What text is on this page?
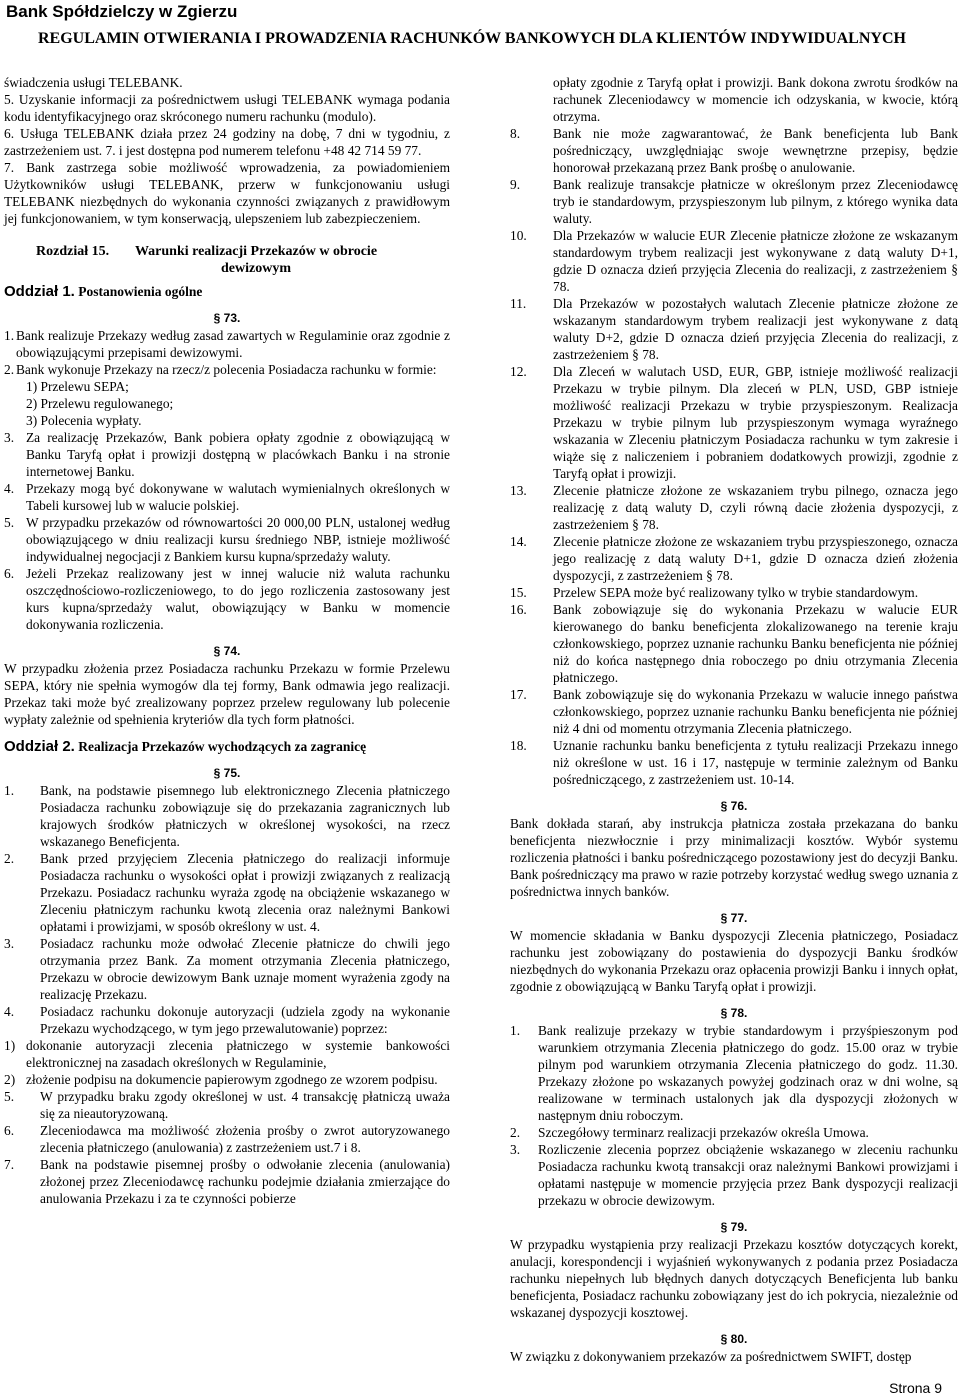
Bank Spółdzielczy w Zgierzu
REGULAMIN OTWIERANIA I PROWADZENIA RACHUNKÓW BANKOWYCH DLA KLIENTÓW INDYWIDUALNYCH

świadczenia usługi TELEBANK.

5. Uzyskanie informacji za pośrednictwem usługi TELEBANK wymaga podania kodu identyfikacyjnego oraz skróconego numeru rachunku (modulo).

6. Usługa TELEBANK działa przez 24 godziny na dobę, 7 dni w tygodniu, z zastrzeżeniem ust. 7. i jest dostępna pod numerem telefonu +48 42 714 59 77.

7. Bank zastrzega sobie możliwość wprowadzenia, za powiadomieniem Użytkowników usługi TELEBANK, przerw w funkcjonowaniu usługi TELEBANK niezbędnych do wykonania czynności związanych z prawidłowym jej funkcjonowaniem, w tym konserwacją, ulepszeniem lub zabezpieczeniem.

Rozdział 15.	Warunki realizacji Przekazów w obrocie dewizowym
Oddział 1. Postanowienia ogólne
§ 73.
1. Bank realizuje Przekazy według zasad zawartych w Regulaminie oraz zgodnie z obowiązującymi przepisami dewizowymi.
2. Bank wykonuje Przekazy na rzecz/z polecenia Posiadacza rachunku w formie:
1) Przelewu SEPA;
2) Przelewu regulowanego;
3) Polecenia wypłaty.
3. Za realizację Przekazów, Bank pobiera opłaty zgodnie z obowiązującą w Banku Taryfą opłat i prowizji dostępną w placówkach Banku i na stronie internetowej Banku.
4. Przekazy mogą być dokonywane w walutach wymienialnych określonych w Tabeli kursowej lub w walucie polskiej.
5. W przypadku przekazów od równowartości 20 000,00 PLN, ustalonej według obowiązującego w dniu realizacji kursu średniego NBP, istnieje możliwość indywidualnej negocjacji z Bankiem kursu kupna/sprzedaży waluty.
6. Jeżeli Przekaz realizowany jest w innej walucie niż waluta rachunku oszczędnościowo-rozliczeniowego, to do jego rozliczenia zastosowany jest kurs kupna/sprzedaży walut, obowiązujący w Banku w momencie dokonywania rozliczenia.
§ 74.

W przypadku złożenia przez Posiadacza rachunku Przekazu w formie Przelewu SEPA, który nie spełnia wymogów dla tej formy, Bank odmawia jego realizacji. Przekaz taki może być zrealizowany poprzez przelew regulowany lub polecenie wypłaty zależnie od spełnienia kryteriów dla tych form płatności.

Oddział 2. Realizacja Przekazów wychodzących za zagranicę
§ 75.
1.	Bank, na podstawie pisemnego lub elektronicznego Zlecenia płatniczego Posiadacza rachunku zobowiązuje się do przekazania zagranicznych lub krajowych środków płatniczych w określonej wysokości, na rzecz wskazanego Beneficjenta.
2.	Bank przed przyjęciem Zlecenia płatniczego do realizacji informuje Posiadacza rachunku o wysokości opłat i prowizji związanych z realizacją Przekazu. Posiadacz rachunku wyraża zgodę na obciążenie wskazanego w Zleceniu płatniczym rachunku kwotą zlecenia oraz należnymi Bankowi opłatami i prowizjami, w sposób określony w ust. 4.
3.	Posiadacz rachunku może odwołać Zlecenie płatnicze do chwili jego otrzymania przez Bank. Za moment otrzymania Zlecenia płatniczego, Przekazu w obrocie dewizowym Bank uznaje moment wyrażenia zgody na realizację Przekazu.
4.	Posiadacz rachunku dokonuje autoryzacji (udziela zgody na wykonanie Przekazu wychodzącego, w tym jego przewalutowanie) poprzez:
1) dokonanie autoryzacji zlecenia płatniczego w systemie bankowości elektronicznej na zasadach określonych w Regulaminie,
2) złożenie podpisu na dokumencie papierowym zgodnego ze wzorem podpisu.
5.	W przypadku braku zgody określonej w ust. 4 transakcję płatniczą uważa się za nieautoryzowaną.
6.	Zleceniodawca ma możliwość złożenia prośby o zwrot autoryzowanego zlecenia płatniczego (anulowania) z zastrzeżeniem ust.7 i 8.
7.	Bank na podstawie pisemnej prośby o odwołanie zlecenia (anulowania) złożonej przez Zleceniodawcę rachunku podejmie działania zmierzające do anulowania Przekazu i za te czynności pobierze

opłaty zgodnie z Taryfą opłat i prowizji. Bank dokona zwrotu środków na rachunek Zleceniodawcy w momencie ich odzyskania, w kwocie, którą otrzyma.

8.	Bank nie może zagwarantować, że Bank beneficjenta lub Bank pośredniczący, uwzględniając swoje wewnętrzne przepisy, będzie honorował przekazaną przez Bank prośbę o anulowanie.
9.	Bank realizuje transakcje płatnicze w określonym przez Zleceniodawcę tryb ie standardowym, przyspieszonym lub pilnym, z którego wynika data waluty.
10.	Dla Przekazów w walucie EUR Zlecenie płatnicze złożone ze wskazanym standardowym trybem realizacji jest wykonywane z datą waluty D+1, gdzie D oznacza dzień przyjęcia Zlecenia do realizacji, z zastrzeżeniem § 78.
11.	Dla Przekazów w pozostałych walutach Zlecenie płatnicze złożone ze wskazanym standardowym trybem realizacji jest wykonywane z datą waluty D+2, gdzie D oznacza dzień przyjęcia Zlecenia do realizacji, z zastrzeżeniem § 78.
12.	Dla Zleceń w walutach USD, EUR, GBP, istnieje możliwość realizacji Przekazu w trybie pilnym. Dla zleceń w PLN, USD, GBP istnieje możliwość realizacji Przekazu w trybie przyspieszonym. Realizacja Przekazu w trybie pilnym lub przyspieszonym wymaga wyraźnego wskazania w Zleceniu płatniczym Posiadacza rachunku w tym zakresie i wiąże się z naliczeniem i pobraniem dodatkowych prowizji, zgodnie z Taryfą opłat i prowizji.
13.	Zlecenie płatnicze złożone ze wskazaniem trybu pilnego, oznacza jego realizację z datą waluty D, czyli równą dacie złożenia dyspozycji, z zastrzeżeniem § 78.
14.	Zlecenie płatnicze złożone ze wskazaniem trybu przyspieszonego, oznacza jego realizację z datą waluty D+1, gdzie D oznacza dzień złożenia dyspozycji, z zastrzeżeniem § 78.
15.	Przelew SEPA może być realizowany tylko w trybie standardowym.
16.	Bank zobowiązuje się do wykonania Przekazu w walucie EUR kierowanego do banku beneficjenta zlokalizowanego na terenie kraju członkowskiego, poprzez uznanie rachunku Banku beneficjenta nie później niż do końca następnego dnia roboczego po dniu otrzymania Zlecenia płatniczego.
17.	Bank zobowiązuje się do wykonania Przekazu w walucie innego państwa członkowskiego, poprzez uznanie rachunku Banku beneficjenta nie później niż 4 dni od momentu otrzymania Zlecenia płatniczego.
18.	Uznanie rachunku banku beneficjenta z tytułu realizacji Przekazu innego niż określone w ust. 16 i 17, następuje w terminie zależnym od Banku pośredniczącego, z zastrzeżeniem ust. 10-14.
§ 76.

Bank dokłada starań, aby instrukcja płatnicza została przekazana do banku beneficjenta niezwłocznie i przy minimalizacji kosztów. Wybór systemu rozliczenia płatności i banku pośredniczącego pozostawiony jest do decyzji Banku. Bank pośredniczący ma prawo w razie potrzeby korzystać według swego uznania z pośrednictwa innych banków.

§ 77.

W momencie składania w Banku dyspozycji Zlecenia płatniczego, Posiadacz rachunku jest zobowiązany do postawienia do dyspozycji Banku środków niezbędnych do wykonania Przekazu oraz opłacenia prowizji Banku i innych opłat, zgodnie z obowiązującą w Banku Taryfą opłat i prowizji.

§ 78.
1.	Bank realizuje przekazy w trybie standardowym i przyśpieszonym pod warunkiem otrzymania Zlecenia płatniczego do godz. 15.00 oraz w trybie pilnym pod warunkiem otrzymania Zlecenia płatniczego do godz. 11.30. Przekazy złożone po wskazanych powyżej godzinach oraz w dni wolne, są realizowane w terminach ustalonych jak dla dyspozycji złożonych w następnym dniu roboczym.
2.	Szczegółowy terminarz realizacji przekazów określa Umowa.
3.	Rozliczenie zlecenia poprzez obciążenie wskazanego w zleceniu rachunku Posiadacza rachunku kwotą transakcji oraz należnymi Bankowi prowizjami i opłatami następuje w momencie przyjęcia przez Bank dyspozycji realizacji przekazu w obrocie dewizowym.
§ 79.

W przypadku wystąpienia przy realizacji Przekazu kosztów dotyczących korekt, anulacji, korespondencji i wyjaśnień wykonywanych z podania przez Posiadacza rachunku niepełnych lub błędnych danych dotyczących Beneficjenta lub banku beneficjenta, Posiadacz rachunku zobowiązany jest do ich pokrycia, niezależnie od wskazanej dyspozycji kosztowej.

§ 80.

W związku z dokonywaniem przekazów za pośrednictwem SWIFT, dostęp

Strona 9
